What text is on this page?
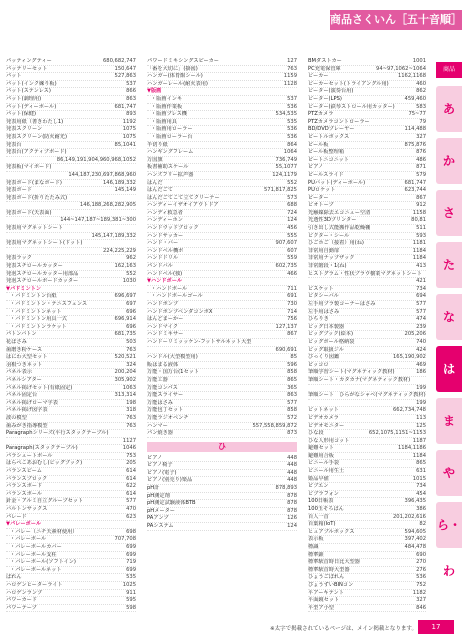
商品さくいん［五十音順］
パッティングティー	680,682,747
パッテリーセット	150,647
パット	527,863
パット(インク練り板)	537
パット(ステンレス)	866
パット(調理用)	863
パット(ディーポール)	681,747
パット(保健)	893
発表用紙（書きわたし1)	1192
発表スクリーン	1075
発表スクリーン(防火耐光)	1075
発表台	85,1041
発表台(アクティブボード)
86,149,191,904,960,968,1052
発表板(マイボード)
144,187,230,697,868,960
発表ボード(まなボード)	146,189,332
発表ボード	145,149
発表ボード(折りたたみ式)
146,188,268,282,905
発表ボード(天表面)
144~147,187~189,381~300
発表用マグネットシート
145,147,189,332
発表用マグネットシート(ドット)
224,225,229
発表ラック	962
発表スチロールカッター	162,163
発泡スチロールカッター用部品	552
発泡スチロールボードカッター	1030
▼バドミントン
・バドミントン台紙	696,697
・バドミントン・テニスフェンス	697
・バドミントンネット	696
・バドミントン用具一式	696,914
・バドミントンラケット	696
パトンバトン	681,735
花ばさみ	503
歯磨き粉ケース	763
はにわ大型セット	520,521
羽根つきネット	324
パネル表示	200,204
パネルシアター	305,902
パネル掲げセット(有紙固定)	1063
パネル固定台	313,314
パネル掲げローマ字表	198
パネル掲げ図字表	318
波の模型	763
歯みがき指導模型	763
Paragraphシリーズ(平行スタックテーブル)
1127
Paragraph(スタックテーブル)	1046
パラシュートボール	753
はらぺこあおむし(ビッグブック)	205
バランスビーム	614
バランスブロック	614
バランスボード	622
バランスボール	614
針金・アルミ自立グループセット	577
バルトンサックス	470
パレード	623
▼パレーボール
・バレー（ニチ天素材使用）	698
・バレーボール	707,708
・バレーボールカバー	699
・バレーボール支柱	699
・バレーボール(ソフトイン)	719
・パレーボールネット	699
ばれん	535
ハロゲンヒーターライト	1025
ハロゲンランプ	911
パワーカード	595
パワーテープ	598
パワードミキシングスピーカー	127
「番を大切に」(掛図)	763
ハンガー(体育館シール)	1159
ハンガーレール(耐火表用)	1128
▼版画
・版画インキ	537
・版画作業板	536
・版画プレス機	534,535
・版画用具	535
・版画用ローラー	536
・版画ローラー台	536
半切り紙	864
ハンギングフレーム	1064
万国旗	736,749
板書補助スケール	55,1077
ハンズフリー拡声器	124,1179
はんだ	552
はんだごて	571,817,825
はんだごてこて立てクリーナー	573
ハンディーイザオイアウトドア	688
ハンディ救急者	724
ハンディーホン	124
ハンドウッドブロック	456
ハンドサッカー	555
ハンド・バー	907,607
ハンドベル機ボ	607
ハンドドリル	559
パンドバル	602,735
ハンドベル(独)	466
▼ハンドボール
・ハンドボール	711
・ハンドボールゴール	691
ハンドポンプ	730
ハンドポンプペンダコンボX	714
はんどまーかー	756
ハンドマイク	127,137
ハンドミキサー	867
ハンドーリミッッケン-フットサルネット大型
690,691
ハンドル(大型模型用)	85
販はまる液体	596
万能・国万台(1セット	858
万能工器	865
万能コンパス	365
万能スライサー	863
万能はさみ	577
万能包丁セット	858
万能ラジオペンチ	572
ハンマー	557,558,859,872
パン焼き器	873
ひ
ピアノ	448
ピアノ椅子	448
ピアノ(電子)	448
ピアノ(別売り)楽品	448
pH計	878,893
pH測定剤	878
pH測定試験液体BTB	878
pHメーター	878
PAアンプ	126
PAシステム	124
BMダストカー	1001
PC充電保管庫	94~97,1062~1064
ビーカー	1162,1168
ビーカーセット(トライアングル用)	460
ビーター(演奏台用)	862
ビーター(LPS)	459,460
ビーター(鉄琴ストロール用カッター)	583
PTZカメラ	75~77
PTZカメラコントローラー	79
BD/DVDプレーヤー	114,488
ピートルボックス	327
ピール板	875,876
ピール板整理箱	876
ピートニコニット	486
ピアノ	871
ピールスライド	579
PUバット(ディーポール)	681,747
PUロケット	623,744
ピーター	867
ビオトープ	912
光触媒除去エコニュー空清	1158
光透性3Dプリンター	80,81
引き出し式能搬作品乾燥棚	511
ビクター・シール	593
ひごホご（接着）用(ね)	1181
非常用自動扉	1184
非常用ナップザック	1184
非常階段・1(ね)	413
ヒストグラム・性状ブラウ樹業マグネットシート
421
ビスケット	734
ビタシーバル	694
左手用プラ製コーナーはさみ	577
左手用はさみ	577
ひちりき	474
ビッグ日本製器	239
ビッグブック(絵本)	205,206
ビッグボール格納袋	740
ビッグ取扱ジル	424
びっくり図鑑	165,190,902
ピッコロ	469
筆順学習シート(マグネティック教材)	186
筆順シート・カタカナ(マグネティック教材)
199
筆順シート　ひらがなシャベ(マグネティック教材)
199
ビットネット	662,734,748
ビデオカメラ	113
ビデオモニター	125
ひな段	652,1075,1151~1153
ひな人形用コット	1187
避難セット	1184,1186
避難用合板	1184
ビニール手袋	865
ビニール用生土	631
姫品早値	1015
ピブエン	734
ビブラフォン	454
100日帳表	396,435
100玉そろばん	386
百人一首	201,202,616
百葉箱(IoT)	82
ヒュアブルボックス	594,605
表示板	397,402
標識	484,478
標準顕	690
標準駅首時日比大型器	270
標準駅首時大型器	276
ひょうごぼれん	536
ぴょうずいBINコン	752
平アーキテント	1182
平面鏡セット	327
平型ア小型	846
商品
あ
か
さ
た
な
は
ま
や
ら・わ
※太字で掲載されているページは、メイン掲載となります。	17
